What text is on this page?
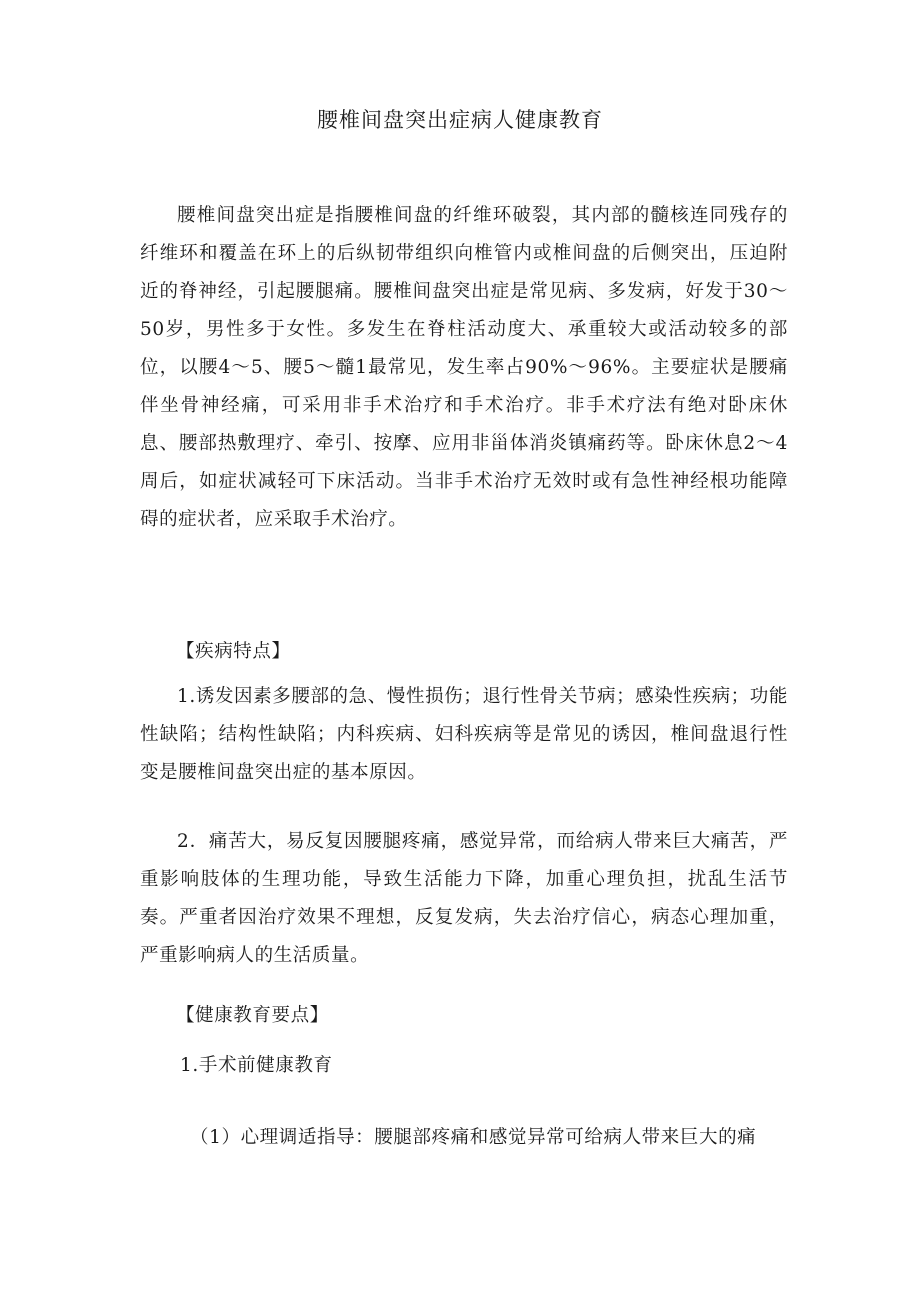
腰椎间盘突出症病人健康教育

腰椎间盘突出症是指腰椎间盘的纤维环破裂，其内部的髓核连同残存的纤维环和覆盖在环上的后纵韧带组织向椎管内或椎间盘的后侧突出，压迫附近的脊神经，引起腰腿痛。腰椎间盘突出症是常见病、多发病，好发于30～50岁，男性多于女性。多发生在脊柱活动度大、承重较大或活动较多的部位，以腰4～5、腰5～髓1最常见，发生率占90%～96%。主要症状是腰痛伴坐骨神经痛，可采用非手术治疗和手术治疗。非手术疗法有绝对卧床休息、腰部热敷理疗、牵引、按摩、应用非甾体消炎镇痛药等。卧床休息2～4周后，如症状减轻可下床活动。当非手术治疗无效时或有急性神经根功能障碍的症状者，应采取手术治疗。

【疾病特点】

1.诱发因素多腰部的急、慢性损伤；退行性骨关节病；感染性疾病；功能性缺陷；结构性缺陷；内科疾病、妇科疾病等是常见的诱因，椎间盘退行性变是腰椎间盘突出症的基本原因。

2．痛苦大，易反复因腰腿疼痛，感觉异常，而给病人带来巨大痛苦，严重影响肢体的生理功能，导致生活能力下降，加重心理负担，扰乱生活节奏。严重者因治疗效果不理想，反复发病，失去治疗信心，病态心理加重，严重影响病人的生活质量。

【健康教育要点】
1.手术前健康教育
（1）心理调适指导：腰腿部疼痛和感觉异常可给病人带来巨大的痛
